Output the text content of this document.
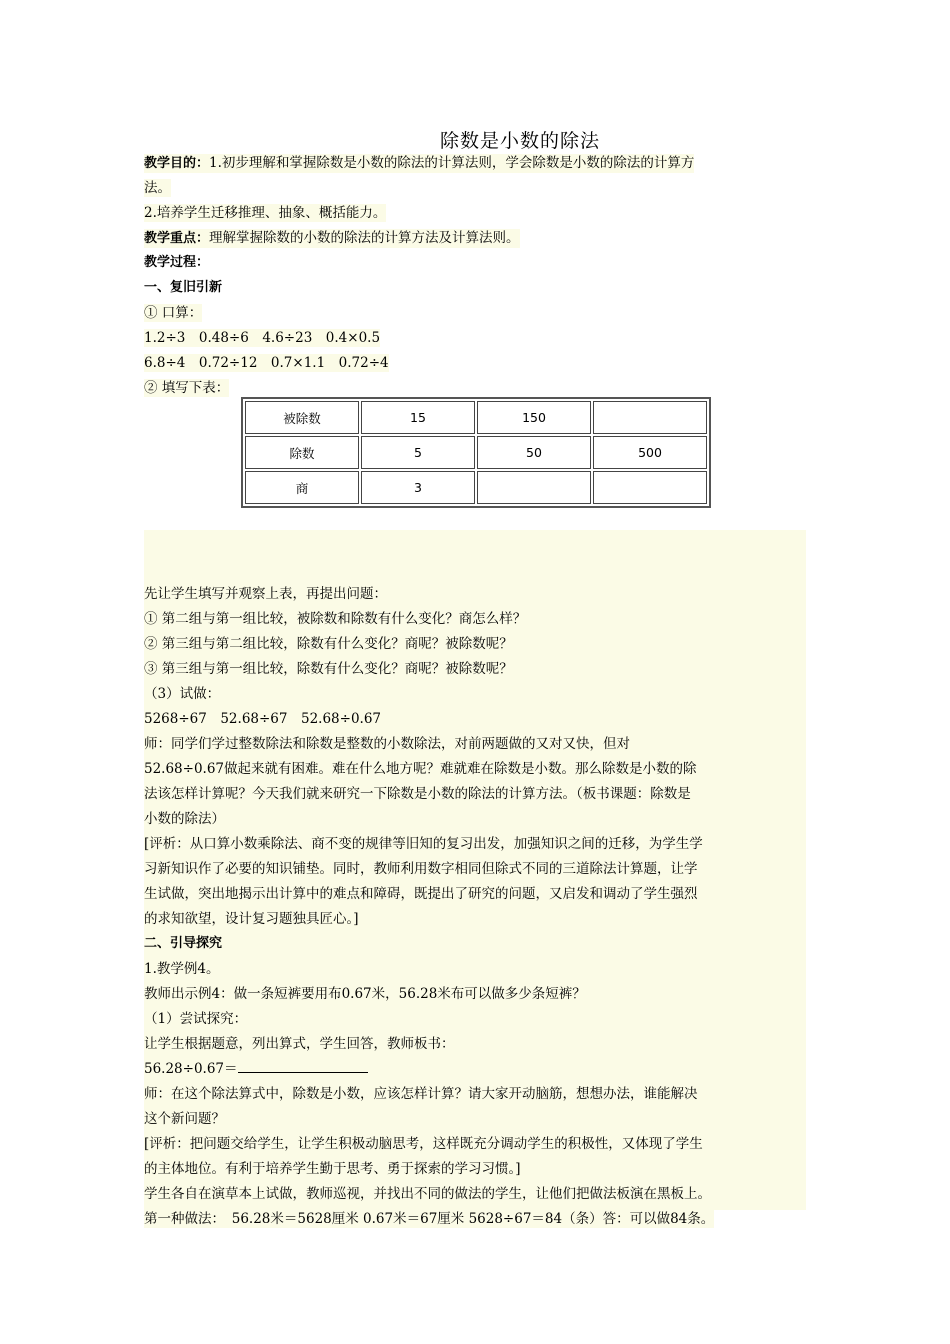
除数是小数的除法
教学目的：1.初步理解和掌握除数是小数的除法的计算法则，学会除数是小数的除法的计算方
法。
2.培养学生迁移推理、抽象、概括能力。
教学重点：理解掌握除数的小数的除法的计算方法及计算法则。
教学过程：
一、复旧引新
① 口算：
1.2÷3　0.48÷6　4.6÷23　0.4×0.5
6.8÷4　0.72÷12　0.7×1.1　0.72÷4
② 填写下表：
被除数	15	150	
除数	5	50	500
商	3		
先让学生填写并观察上表，再提出问题：
① 第二组与第一组比较，被除数和除数有什么变化？商怎么样？
② 第三组与第二组比较，除数有什么变化？商呢？被除数呢？
③ 第三组与第一组比较，除数有什么变化？商呢？被除数呢？
（3）试做：
5268÷67　52.68÷67　52.68÷0.67
师：同学们学过整数除法和除数是整数的小数除法，对前两题做的又对又快，但对
52.68÷0.67做起来就有困难。难在什么地方呢？难就难在除数是小数。那么除数是小数的除
法该怎样计算呢？今天我们就来研究一下除数是小数的除法的计算方法。（板书课题：除数是
小数的除法）
[评析：从口算小数乘除法、商不变的规律等旧知的复习出发，加强知识之间的迁移，为学生学
习新知识作了必要的知识铺垫。同时，教师利用数字相同但除式不同的三道除法计算题，让学
生试做，突出地揭示出计算中的难点和障碍，既提出了研究的问题，又启发和调动了学生强烈
的求知欲望，设计复习题独具匠心。]
二、引导探究
1.教学例4。
教师出示例4：做一条短裤要用布0.67米，56.28米布可以做多少条短裤？
（1）尝试探究：
让学生根据题意，列出算式，学生回答，教师板书：
56.28÷0.67＝
师：在这个除法算式中，除数是小数，应该怎样计算？请大家开动脑筋，想想办法，谁能解决
这个新问题？
[评析：把问题交给学生，让学生积极动脑思考，这样既充分调动学生的积极性，又体现了学生
的主体地位。有利于培养学生勤于思考、勇于探索的学习习惯。]
学生各自在演草本上试做，教师巡视，并找出不同的做法的学生，让他们把做法板演在黑板上。
第一种做法：　56.28米＝5628厘米 0.67米＝67厘米 5628÷67＝84（条）答：可以做84条。
